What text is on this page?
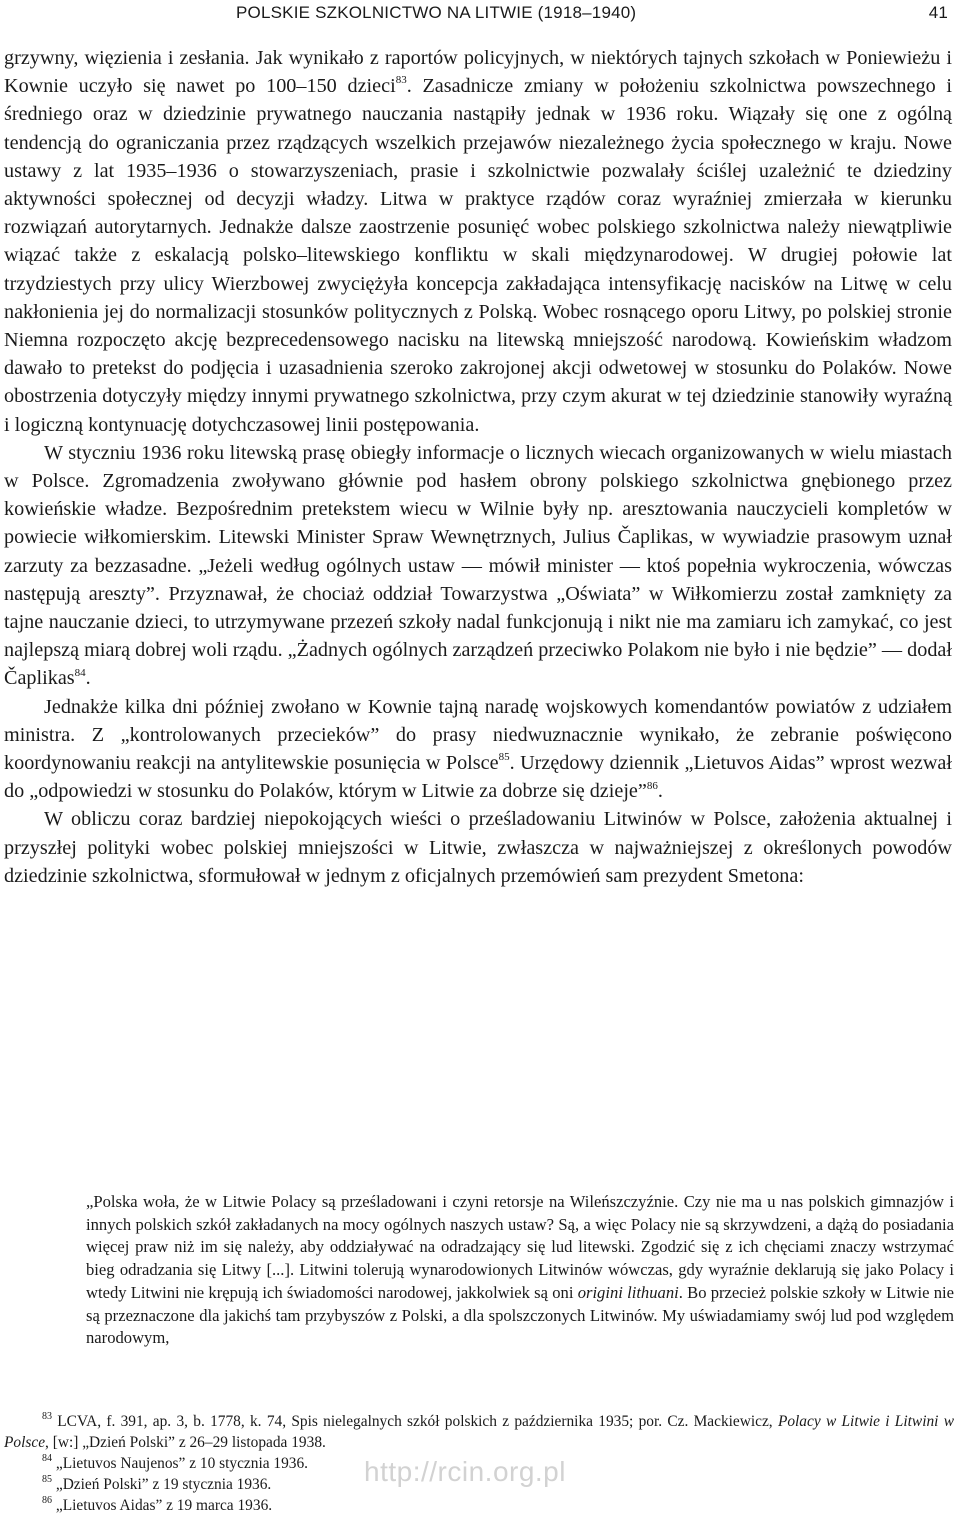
POLSKIE SZKOLNICTWO NA LITWIE (1918–1940)	41

grzywny, więzienia i zesłania. Jak wynikało z raportów policyjnych, w niektórych tajnych szkołach w Poniewieżu i Kownie uczyło się nawet po 100–150 dzieci$^{83}$. Zasadnicze zmiany w położeniu szkolnictwa powszechnego i średniego oraz w dziedzinie prywatnego nauczania nastąpiły jednak w 1936 roku. Wiązały się one z ogólną tendencją do ograniczania przez rządzących wszelkich przejawów niezależnego życia społecznego w kraju. Nowe ustawy z lat 1935–1936 o stowarzyszeniach, prasie i szkolnictwie pozwalały ściślej uzależnić te dziedziny aktywności społecznej od decyzji władzy. Litwa w praktyce rządów coraz wyraźniej zmierzała w kierunku rozwiązań autorytarnych. Jednakże dalsze zaostrzenie posunięć wobec polskiego szkolnictwa należy niewątpliwie wiązać także z eskalacją polsko–litewskiego konfliktu w skali międzynarodowej. W drugiej połowie lat trzydziestych przy ulicy Wierzbowej zwyciężyła koncepcja zakładająca intensyfikację nacisków na Litwę w celu nakłonienia jej do normalizacji stosunków politycznych z Polską. Wobec rosnącego oporu Litwy, po polskiej stronie Niemna rozpoczęto akcję bezprecedensowego nacisku na litewską mniejszość narodową. Kowieńskim władzom dawało to pretekst do podjęcia i uzasadnienia szeroko zakrojonej akcji odwetowej w stosunku do Polaków. Nowe obostrzenia dotyczyły między innymi prywatnego szkolnictwa, przy czym akurat w tej dziedzinie stanowiły wyraźną i logiczną kontynuację dotychczasowej linii postępowania.

W styczniu 1936 roku litewską prasę obiegły informacje o licznych wiecach organizowanych w wielu miastach w Polsce. Zgromadzenia zwoływano głównie pod hasłem obrony polskiego szkolnictwa gnębionego przez kowieńskie władze. Bezpośrednim pretekstem wiecu w Wilnie były np. aresztowania nauczycieli kompletów w powiecie wiłkomierskim. Litewski Minister Spraw Wewnętrznych, Julius Čaplikas, w wywiadzie prasowym uznał zarzuty za bezzasadne. „Jeżeli według ogólnych ustaw — mówił minister — ktoś popełnia wykroczenia, wówczas następują aresztу”. Przyznawał, że chociaż oddział Towarzystwa „Oświata” w Wiłkomierzu został zamknięty za tajne nauczanie dzieci, to utrzymywane przezeń szkoły nadal funkcjonują i nikt nie ma zamiaru ich zamykać, co jest najlepszą miarą dobrej woli rządu. „Żadnych ogólnych zarządzeń przeciwko Polakom nie było i nie będzie” — dodał Čaplikas$^{84}$.

Jednakże kilka dni później zwołano w Kownie tajną naradę wojskowych komendantów powiatów z udziałem ministra. Z „kontrolowanych przecieków” do prasy niedwuznacznie wynikało, że zebranie poświęcono koordynowaniu reakcji na antylitewskie posunięcia w Polsce$^{85}$. Urzędowy dziennik „Lietuvos Aidas” wprost wezwał do „odpowiedzi w stosunku do Polaków, którym w Litwie za dobrze się dzieje”$^{86}$.

W obliczu coraz bardziej niepokojących wieści o prześladowaniu Litwinów w Polsce, założenia aktualnej i przyszłej polityki wobec polskiej mniejszości w Litwie, zwłaszcza w najważniejszej z określonych powodów dziedzinie szkolnictwa, sformułował w jednym z oficjalnych przemówień sam prezydent Smetona:

„Polska woła, że w Litwie Polacy są prześladowani i czyni retorsje na Wileńszczyźnie. Czy nie ma u nas polskich gimnazjów i innych polskich szkół zakładanych na mocy ogólnych naszych ustaw? Są, a więc Polacy nie są skrzywdzeni, a dążą do posiadania więcej praw niż im się należy, aby oddziaływać na odradzający się lud litewski. Zgodzić się z ich chęciami znaczy wstrzymać bieg odradzania się Litwy [...]. Litwini tolerują wynarodowionych Litwinów wówczas, gdy wyraźnie deklarują się jako Polacy i wtedy Litwini nie krępują ich świadomości narodowej, jakkolwiek są oni origini lithuani. Bo przecież polskie szkoły w Litwie nie są przeznaczone dla jakichś tam przybyszów z Polski, a dla spolszczonych Litwinów. My uświadamiamy swój lud pod względem narodowym,

$^{83}$ LCVA, f. 391, ap. 3, b. 1778, k. 74, Spis nielegalnych szkół polskich z października 1935; por. Cz. Mackiewicz, Polacy w Litwie i Litwini w Polsce, [w:] „Dzień Polski” z 26–29 listopada 1938.

$^{84}$ „Lietuvos Naujenos” z 10 stycznia 1936.

$^{85}$ „Dzień Polski” z 19 stycznia 1936.

$^{86}$ „Lietuvos Aidas” z 19 marca 1936.

http://rcin.org.pl
